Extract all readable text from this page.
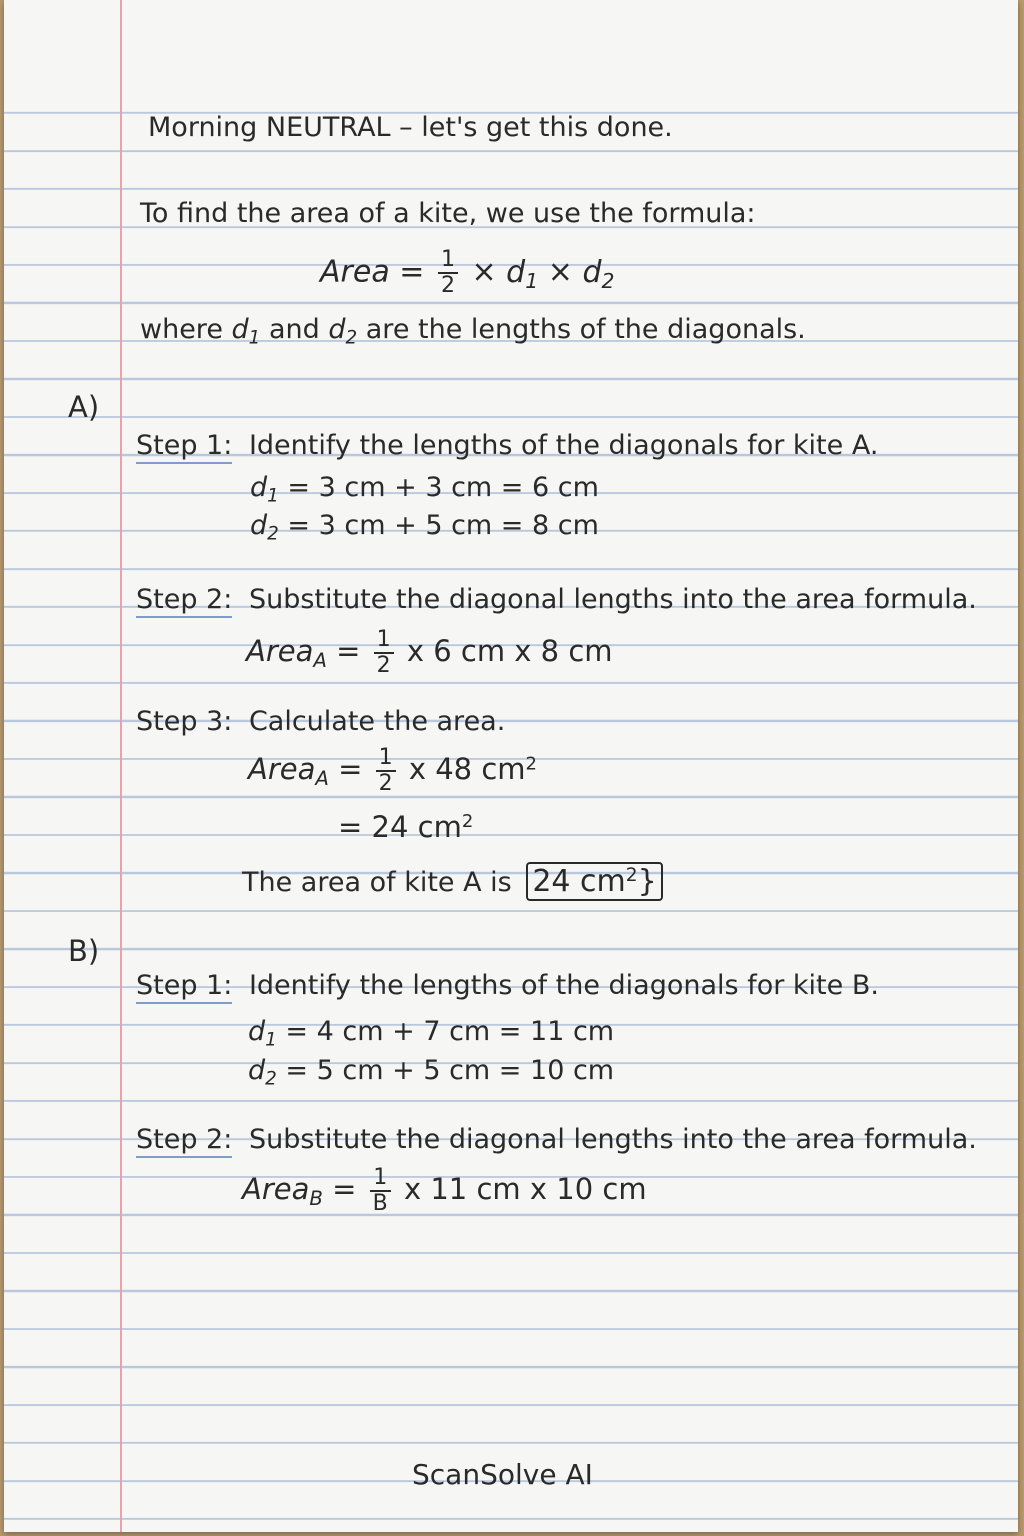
Morning NEUTRAL – let's get this done.
To find the area of a kite, we use the formula:
Area = $\frac{1}{2} \times d_1 \times d_2$
where $d_1$ and $d_2$ are the lengths of the diagonals.
A)
Step 1: Identify the lengths of the diagonals for kite A.
$d_1 = 3$ cm + 3 cm = 6 cm
$d_2 = 3$ cm + 5 cm = 8 cm
Step 2: Substitute the diagonal lengths into the area formula.
Area$_A$ = $\frac{1}{2}$ x 6 cm x 8 cm
Step 3: Calculate the area.
Area$_A$ = $\frac{1}{2}$ x 48 $cm^2$
= 24 $cm^2$
The area of kite A is 24 $cm^2$}
B)
Step 1: Identify the lengths of the diagonals for kite B.
$d_1 = 4$ cm + 7 cm = 11 cm
$d_2 = 5$ cm + 5 cm = 10 cm
Step 2: Substitute the diagonal lengths into the area formula.
Area$_B$ = $\frac{1}{B}$ x 11 cm x 10 cm
ScanSolve AI
